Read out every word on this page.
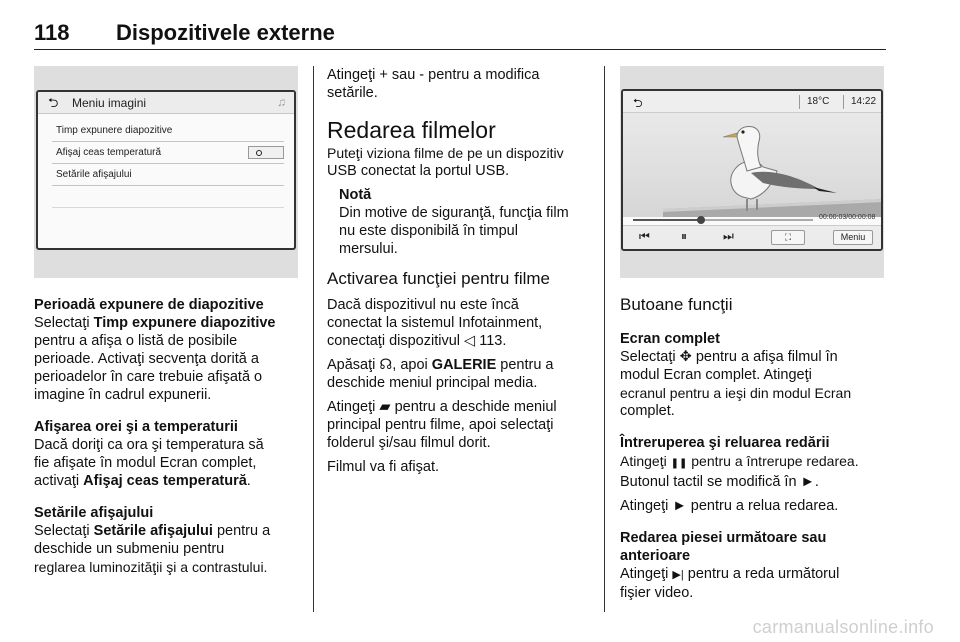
118 Dispozitivele externe
⮌ Meniu imagini	♫
Timp expunere diapozitive
Afişaj ceas temperatură
Setările afişajului
⮌	18°C 14:22
00:00:03/00:00:08
⏮	⏸	⏭	⛶	Meniu
Perioadă expunere de diapozitive
Selectaţi Timp expunere diapozitive
pentru a afişa o listă de posibile
perioade. Activaţi secvenţa dorită a
perioadelor în care trebuie afişată o
imagine în cadrul expunerii.
Afişarea orei şi a temperaturii
Dacă doriţi ca ora şi temperatura să
fie afişate în modul Ecran complet,
activaţi Afişaj ceas temperatură.
Setările afişajului
Selectaţi Setările afişajului pentru a
deschide un submeniu pentru
reglarea luminozităţii şi a contrastului.
Atingeţi + sau - pentru a modifica
setările.
Redarea filmelor
Puteţi viziona filme de pe un dispozitiv
USB conectat la portul USB.
Notă
Din motive de siguranţă, funcţia film
nu este disponibilă în timpul
mersului.
Activarea funcţiei pentru filme
Dacă dispozitivul nu este încă
conectat la sistemul Infotainment,
conectaţi dispozitivul ◁ 113.
Apăsaţi ☊, apoi GALERIE pentru a
deschide meniul principal media.
Atingeţi ▰ pentru a deschide meniul
principal pentru filme, apoi selectaţi
folderul şi/sau filmul dorit.
Filmul va fi afişat.
Butoane funcţii
Ecran complet
Selectaţi ✥ pentru a afişa filmul în
modul Ecran complet. Atingeţi
ecranul pentru a ieşi din modul Ecran
complet.
Întreruperea şi reluarea redării
Atingeţi ❚❚ pentru a întrerupe redarea.
Butonul tactil se modifică în ►.
Atingeţi ► pentru a relua redarea.
Redarea piesei următoare sau
anterioare
Atingeţi ▶| pentru a reda următorul
fişier video.
carmanualsonline.info
